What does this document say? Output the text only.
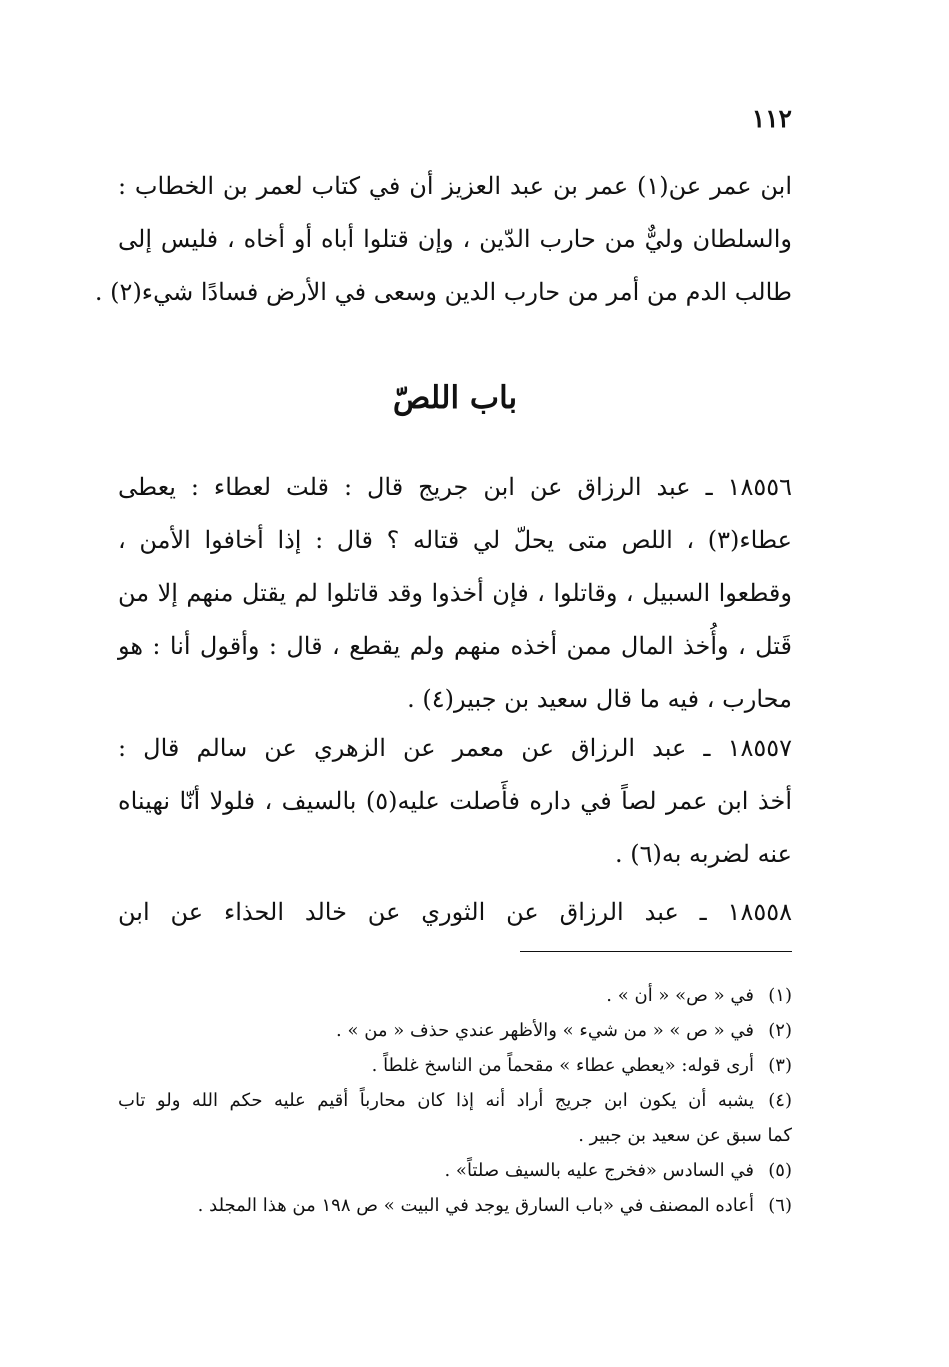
١١٢
ابن عمر عن(١) عمر بن عبد العزيز أن في كتاب لعمر بن الخطاب :
والسلطان وليٌّ من حارب الدّين ، وإن قتلوا أباه أو أخاه ، فليس إلى
طالب الدم من أمر من حارب الدين وسعى في الأرض فسادًا شيء(٢) .
باب اللصّ
١٨٥٥٦ ـ عبد الرزاق عن ابن جريج قال : قلت لعطاء : يعطى
عطاء(٣) ، اللص متى يحلّ لي قتاله ؟ قال : إذا أخافوا الأمن ،
وقطعوا السبيل ، وقاتلوا ، فإن أخذوا وقد قاتلوا لم يقتل منهم إلا من
قَتل ، وأُخذ المال ممن أخذه منهم ولم يقطع ، قال : وأقول أنا : هو
محارب ، فيه ما قال سعيد بن جبير(٤) .
١٨٥٥٧ ـ عبد الرزاق عن معمر عن الزهري عن سالم قال :
أخذ ابن عمر لصاً في داره فأَصلت عليه(٥) بالسيف ، فلولا أنّا نهيناه
عنه لضربه به(٦) .
١٨٥٥٨ ـ عبد الرزاق عن الثوري عن خالد الحذاء عن ابن
(١)في « ص» « أن » .
(٢)في « ص » « من شيء » والأظهر عندي حذف « من » .
(٣)أرى قوله: «يعطي عطاء » مقحماً من الناسخ غلطاً .
(٤)يشبه أن يكون ابن جريج أراد أنه إذا كان محارباً أقيم عليه حكم الله ولو تاب
كما سبق عن سعيد بن جبير .
(٥)في السادس «فخرج عليه بالسيف صلتاً» .
(٦)أعاده المصنف في «باب السارق يوجد في البيت » ص ١٩٨ من هذا المجلد .
